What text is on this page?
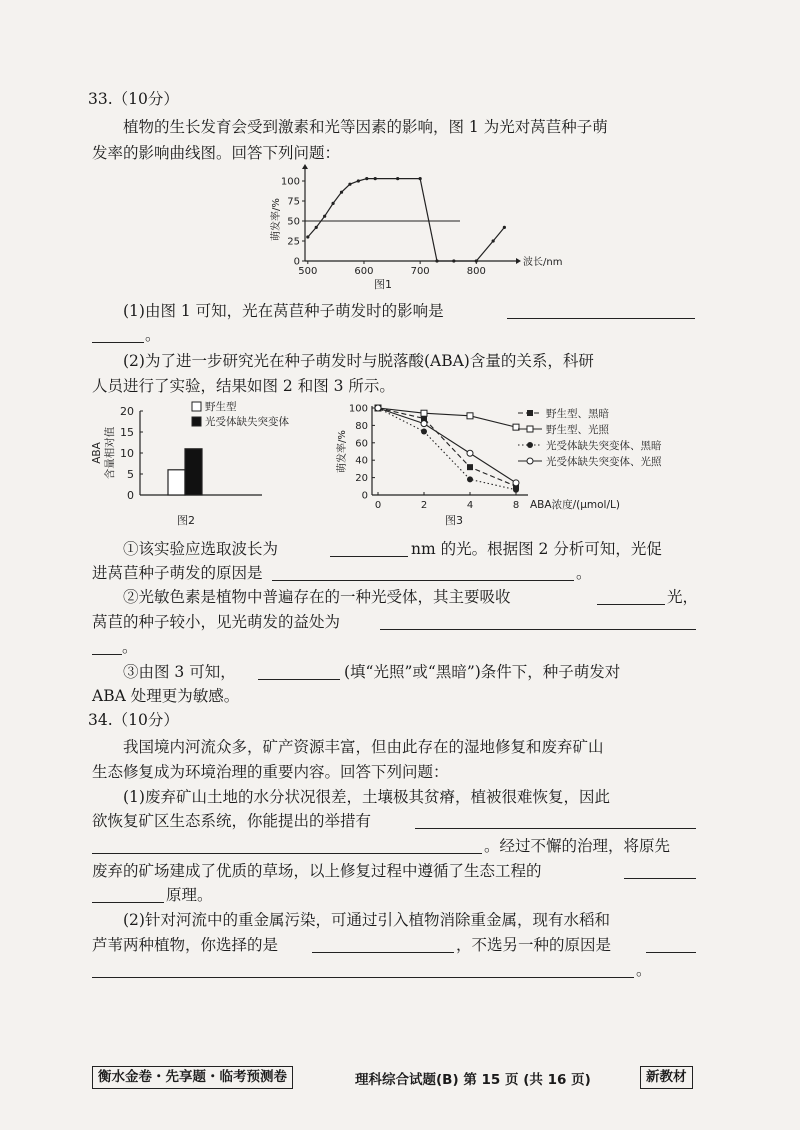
33.（10分）
植物的生长发育会受到激素和光等因素的影响，图 1 为光对莴苣种子萌
发率的影响曲线图。回答下列问题：
0
25
50
75
100
500	600	700	800
波长/nm
萌发率/%
图1
(1)由图 1 可知，光在莴苣种子萌发时的影响是
。
(2)为了进一步研究光在种子萌发时与脱落酸(ABA)含量的关系，科研
人员进行了实验，结果如图 2 和图 3 所示。
0
5
10
15
20
ABA 含量相对值
野生型
光受体缺失突变体
图2
0
20
40
60
80
100
0	2	4	8 ABA浓度/(μmol/L)
萌发率/%
野生型、黑暗
野生型、光照
光受体缺失突变体、黑暗
光受体缺失突变体、光照
图3
①该实验应选取波长为	nm 的光。根据图 2 分析可知，光促
进莴苣种子萌发的原因是	。
②光敏色素是植物中普遍存在的一种光受体，其主要吸收	光，
莴苣的种子较小，见光萌发的益处为
。
③由图 3 可知，	(填“光照”或“黑暗”)条件下，种子萌发对
ABA 处理更为敏感。
34.（10分）
我国境内河流众多，矿产资源丰富，但由此存在的湿地修复和废弃矿山
生态修复成为环境治理的重要内容。回答下列问题：
(1)废弃矿山土地的水分状况很差，土壤极其贫瘠，植被很难恢复，因此
欲恢复矿区生态系统，你能提出的举措有
。经过不懈的治理，将原先
废弃的矿场建成了优质的草场，以上修复过程中遵循了生态工程的
原理。
(2)针对河流中的重金属污染，可通过引入植物消除重金属，现有水稻和
芦苇两种植物，你选择的是	，不选另一种的原因是
。
衡水金卷・先享题・临考预测卷	理科综合试题(B) 第 15 页 (共 16 页)	新教材
